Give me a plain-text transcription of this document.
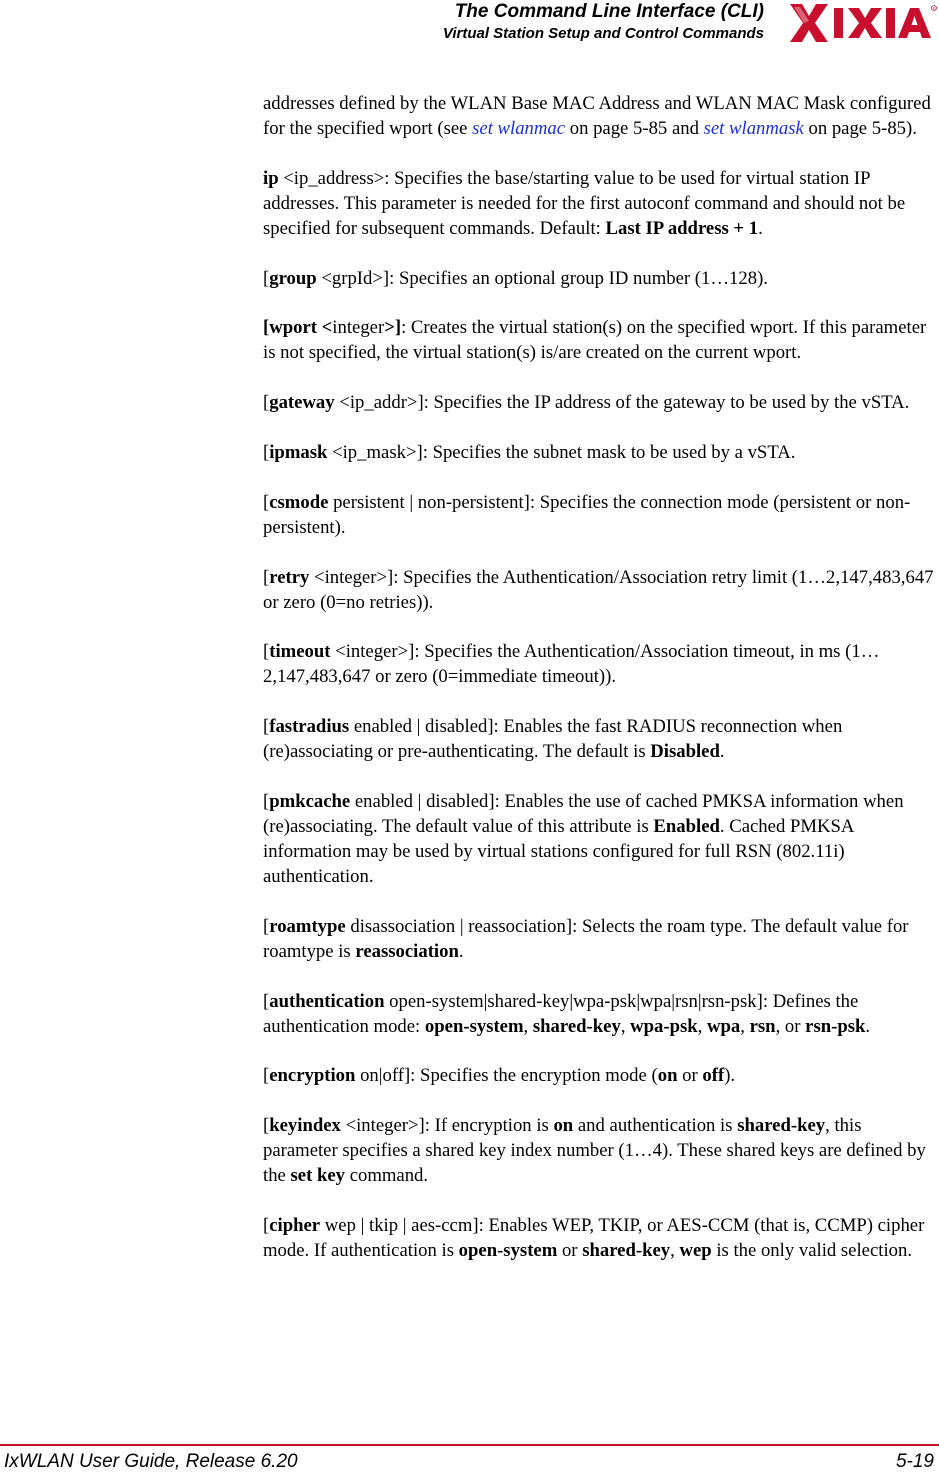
The Command Line Interface (CLI)
Virtual Station Setup and Control Commands
R

addresses defined by the WLAN Base MAC Address and WLAN MAC Mask configured for the specified wport (see set wlanmac on page 5-85 and set wlanmask on page 5-85).

ip <ip_address>: Specifies the base/starting value to be used for virtual station IP addresses. This parameter is needed for the first autoconf command and should not be specified for subsequent commands. Default: Last IP address + 1.

[group <grpId>]: Specifies an optional group ID number (1…128).

[wport <integer>]: Creates the virtual station(s) on the specified wport. If this parameter is not specified, the virtual station(s) is/are created on the current wport.

[gateway <ip_addr>]: Specifies the IP address of the gateway to be used by the vSTA.

[ipmask <ip_mask>]: Specifies the subnet mask to be used by a vSTA.

[csmode persistent | non-persistent]: Specifies the connection mode (persistent or non-persistent).

[retry <integer>]: Specifies the Authentication/Association retry limit (1…2,147,483,647 or zero (0=no retries)).

[timeout <integer>]: Specifies the Authentication/Association timeout, in ms (1…2,147,483,647 or zero (0=immediate timeout)).

[fastradius enabled | disabled]: Enables the fast RADIUS reconnection when (re)associating or pre-authenticating. The default is Disabled.

[pmkcache enabled | disabled]: Enables the use of cached PMKSA information when (re)associating. The default value of this attribute is Enabled. Cached PMKSA information may be used by virtual stations configured for full RSN (802.11i) authentication.

[roamtype disassociation | reassociation]: Selects the roam type. The default value for roamtype is reassociation.

[authentication open-system|shared-key|wpa-psk|wpa|rsn|rsn-psk]: Defines the authentication mode: open-system, shared-key, wpa-psk, wpa, rsn, or rsn-psk.

[encryption on|off]: Specifies the encryption mode (on or off).

[keyindex <integer>]: If encryption is on and authentication is shared-key, this parameter specifies a shared key index number (1…4). These shared keys are defined by the set key command.

[cipher wep | tkip | aes-ccm]: Enables WEP, TKIP, or AES-CCM (that is, CCMP) cipher mode. If authentication is open-system or shared-key, wep is the only valid selection.

IxWLAN User Guide, Release 6.20	5-19
